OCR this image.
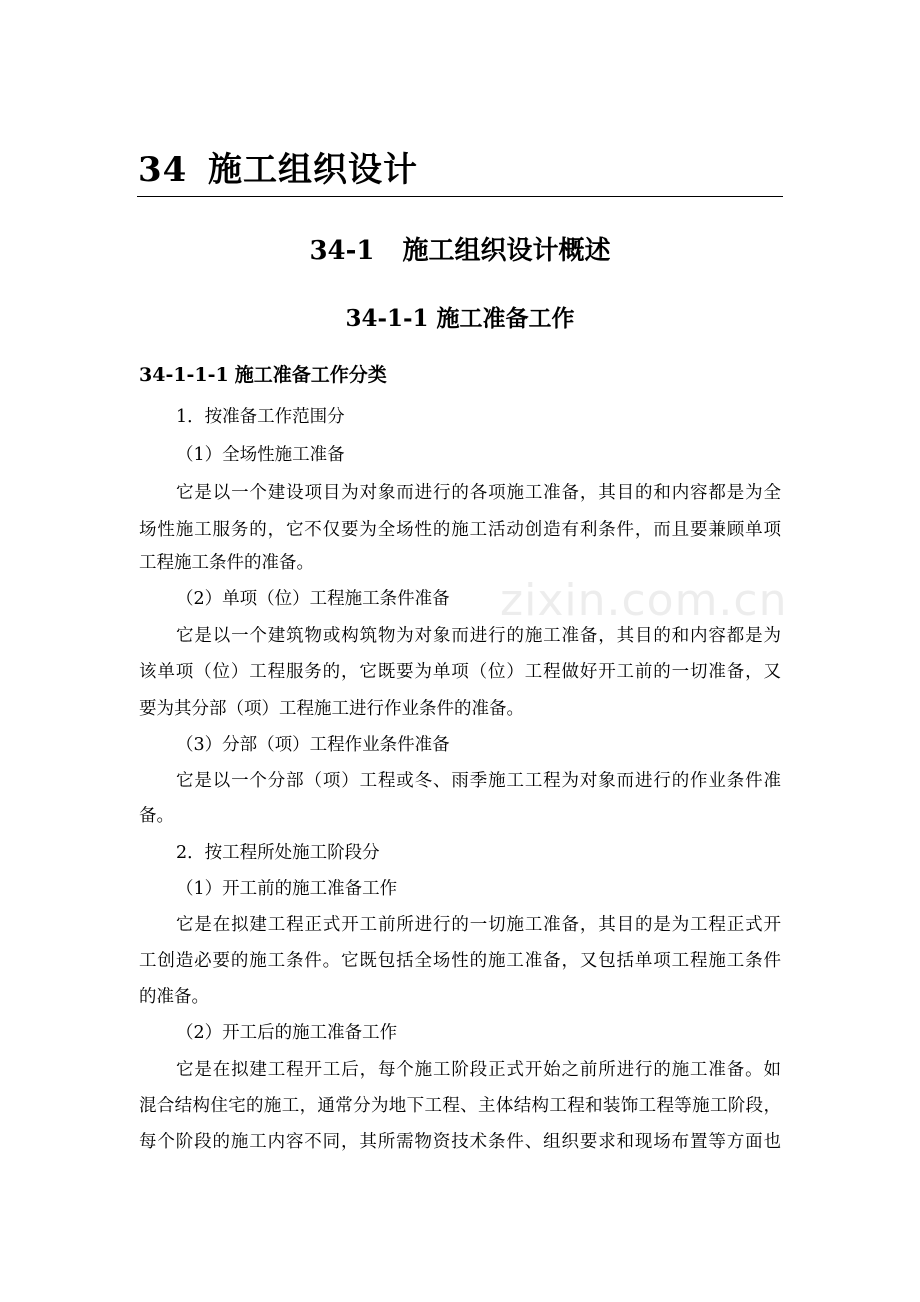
zixin.com.cn
34 施工组织设计
34-1 施工组织设计概述
34-1-1 施工准备工作
34-1-1-1 施工准备工作分类
1．按准备工作范围分
（1）全场性施工准备
它是以一个建设项目为对象而进行的各项施工准备，其目的和内容都是为全
场性施工服务的，它不仅要为全场性的施工活动创造有利条件，而且要兼顾单项
工程施工条件的准备。
（2）单项（位）工程施工条件准备
它是以一个建筑物或构筑物为对象而进行的施工准备，其目的和内容都是为
该单项（位）工程服务的，它既要为单项（位）工程做好开工前的一切准备，又
要为其分部（项）工程施工进行作业条件的准备。
（3）分部（项）工程作业条件准备
它是以一个分部（项）工程或冬、雨季施工工程为对象而进行的作业条件准
备。
2．按工程所处施工阶段分
（1）开工前的施工准备工作
它是在拟建工程正式开工前所进行的一切施工准备，其目的是为工程正式开
工创造必要的施工条件。它既包括全场性的施工准备，又包括单项工程施工条件
的准备。
（2）开工后的施工准备工作
它是在拟建工程开工后，每个施工阶段正式开始之前所进行的施工准备。如
混合结构住宅的施工，通常分为地下工程、主体结构工程和装饰工程等施工阶段，
每个阶段的施工内容不同，其所需物资技术条件、组织要求和现场布置等方面也
